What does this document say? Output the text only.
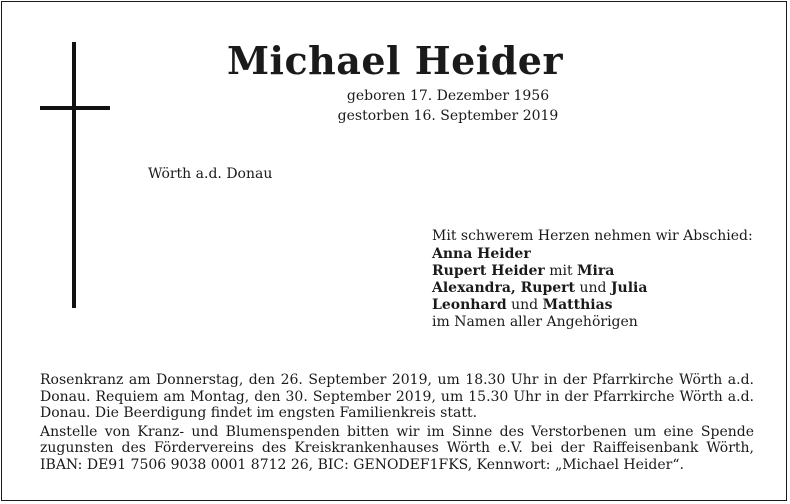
Michael Heider
geboren 17. Dezember 1956
gestorben 16. September 2019
Wörth a.d. Donau
Mit schwerem Herzen nehmen wir Abschied:
Anna Heider
Rupert Heider mit Mira
Alexandra, Rupert und Julia
Leonhard und Matthias
im Namen aller Angehörigen

Rosenkranz am Donnerstag, den 26. September 2019, um 18.30 Uhr in der Pfarrkirche Wörth a.d. Donau. Requiem am Montag, den 30. September 2019, um 15.30 Uhr in der Pfarrkirche Wörth a.d. Donau. Die Beerdigung findet im engsten Familienkreis statt.

Anstelle von Kranz- und Blumenspenden bitten wir im Sinne des Verstorbenen um eine Spende zugunsten des Fördervereins des Kreiskrankenhauses Wörth e.V. bei der Raiffeisenbank Wörth, IBAN: DE91 7506 9038 0001 8712 26, BIC: GENODEF1FKS, Kennwort: „Michael Heider“.
